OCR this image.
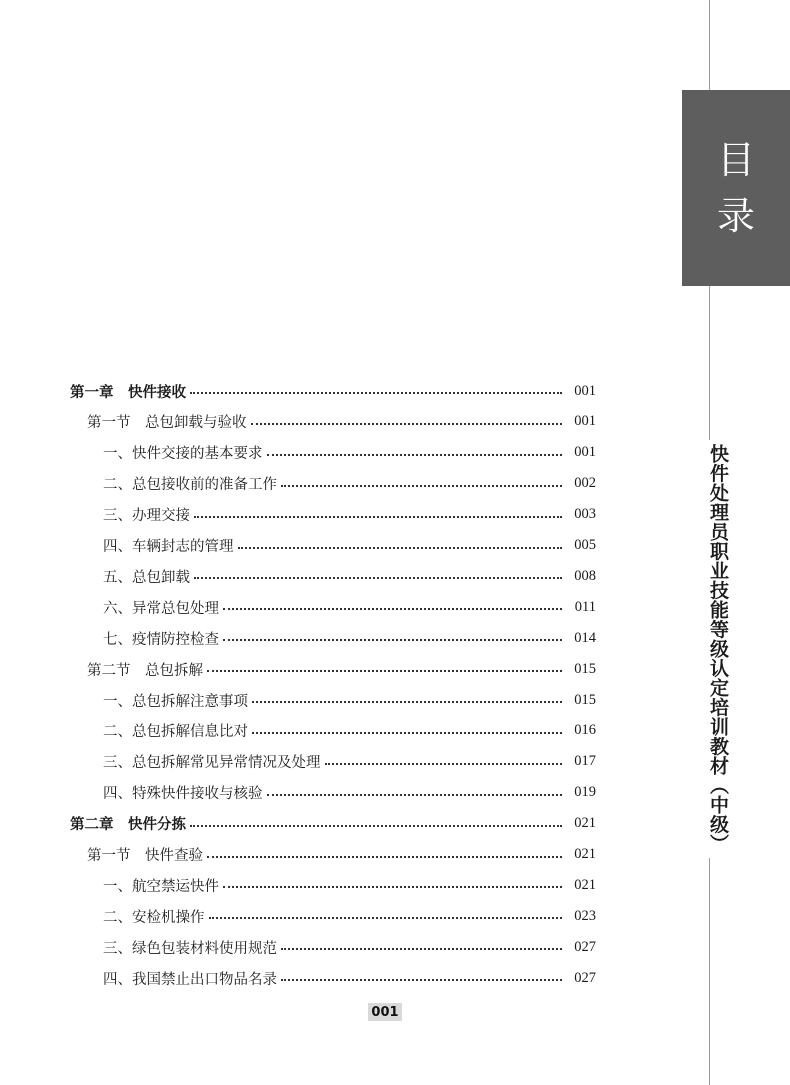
目
录
快件处理员职业技能等级认定培训教材（中级）
第一章　快件接收	001
第一节　总包卸载与验收	001
一、快件交接的基本要求	001
二、总包接收前的准备工作	002
三、办理交接	003
四、车辆封志的管理	005
五、总包卸载	008
六、异常总包处理	011
七、疫情防控检查	014
第二节　总包拆解	015
一、总包拆解注意事项	015
二、总包拆解信息比对	016
三、总包拆解常见异常情况及处理	017
四、特殊快件接收与核验	019
第二章　快件分拣	021
第一节　快件查验	021
一、航空禁运快件	021
二、安检机操作	023
三、绿色包装材料使用规范	027
四、我国禁止出口物品名录	027
001
